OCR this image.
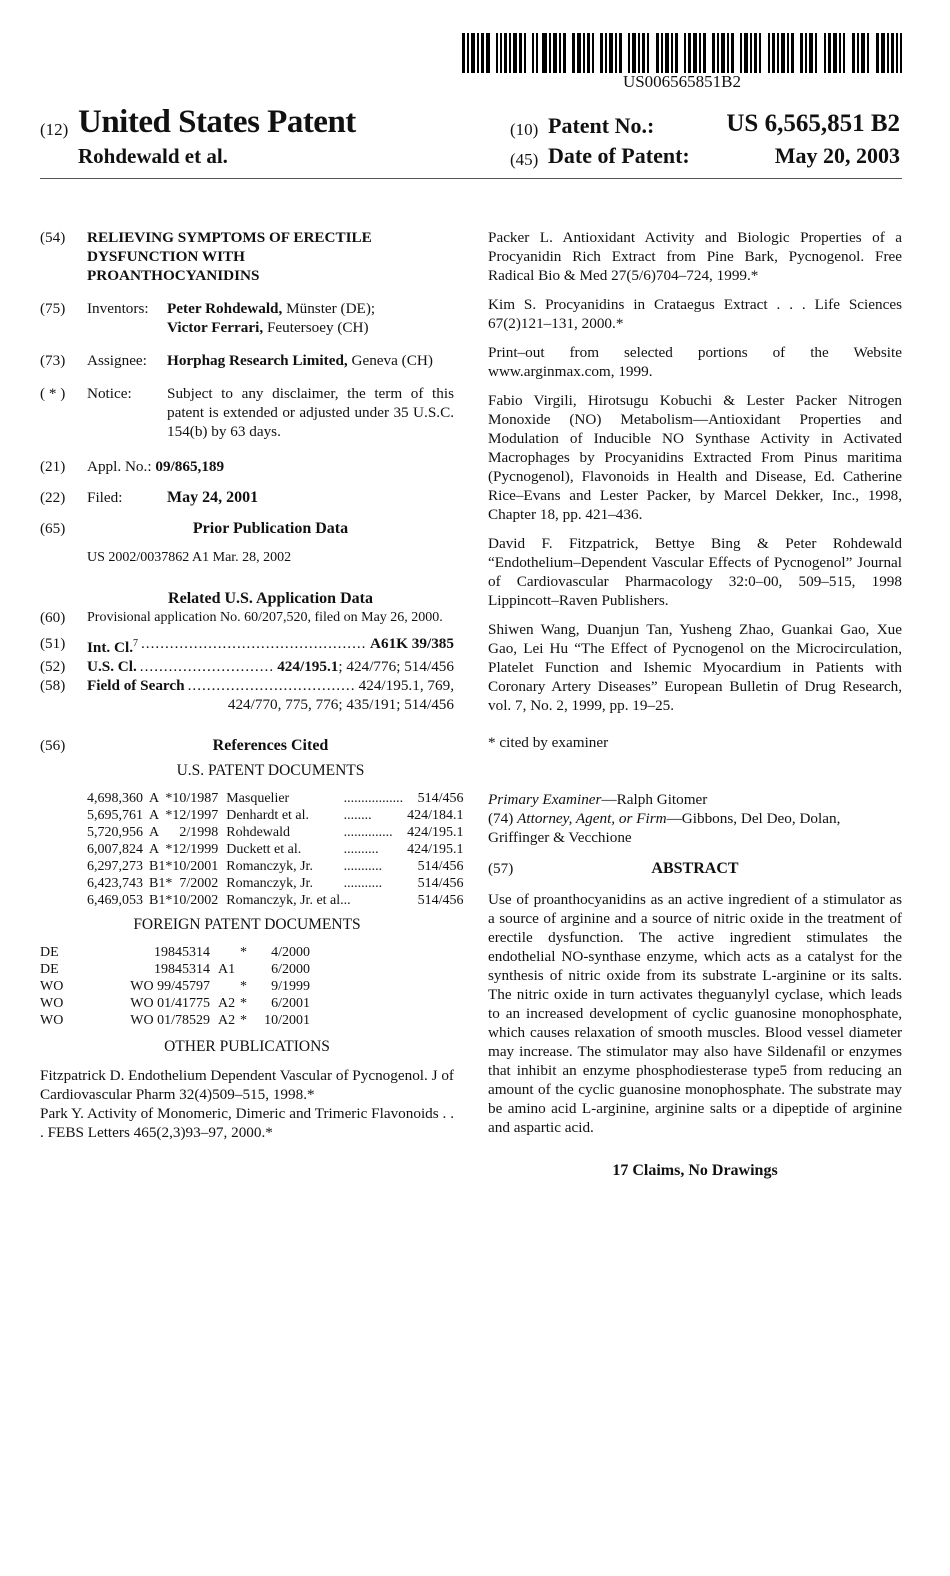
US006565851B2
(12) United States Patent
Rohdewald et al.
(10) Patent No.:	US 6,565,851 B2
(45) Date of Patent:	May 20, 2003
(54)	RELIEVING SYMPTOMS OF ERECTILE
DYSFUNCTION WITH
PROANTHOCYANIDINS
(75)	Inventors:	Peter Rohdewald, Münster (DE);
Victor Ferrari, Feutersoey (CH)
(73)	Assignee:	Horphag Research Limited, Geneva (CH)
( * )	Notice:	Subject to any disclaimer, the term of this patent is extended or adjusted under 35 U.S.C. 154(b) by 63 days.
(21)	Appl. No.:
09/865,189
(22)	Filed:	May 24, 2001
(65)	Prior Publication Data
US 2002/0037862 A1 Mar. 28, 2002
Related U.S. Application Data
(60)	Provisional application No. 60/207,520, filed on May 26, 2000.
(51)	Int. Cl.$^7$ .....	A61K 39/385
(52)	U.S. Cl. .....	424/195.1 ; 424/776; 514/456
(58)	Field of Search .....	424/195.1, 769,
424/770, 775, 776; 435/191; 514/456
(56)	References Cited
U.S. PATENT DOCUMENTS
4,698,360	A	*	10/1987	Masquelier	.................	514/456
5,695,761	A	*	12/1997	Denhardt et al.	........	424/184.1
5,720,956	A		2/1998	Rohdewald	..............	424/195.1
6,007,824	A	*	12/1999	Duckett et al.	..........	424/195.1
6,297,273	B1	*	10/2001	Romanczyk, Jr.	...........	514/456
6,423,743	B1	*	7/2002	Romanczyk, Jr.	...........	514/456
6,469,053	B1	*	10/2002	Romanczyk, Jr. et al.	..	514/456
FOREIGN PATENT DOCUMENTS
DE	19845314		*	4/2000
DE	19845314	A1		6/2000
WO	WO 99/45797		*	9/1999
WO	WO 01/41775	A2	*	6/2001
WO	WO 01/78529	A2	*	10/2001
OTHER PUBLICATIONS
Fitzpatrick D. Endothelium Dependent Vascular of Pycnogenol. J of Cardiovascular Pharm 32(4)509–515, 1998.*
Park Y. Activity of Monomeric, Dimeric and Trimeric Flavonoids . . . FEBS Letters 465(2,3)93–97, 2000.*
Packer L. Antioxidant Activity and Biologic Properties of a Procyanidin Rich Extract from Pine Bark, Pycnogenol. Free Radical Bio & Med 27(5/6)704–724, 1999.*
Kim S. Procyanidins in Crataegus Extract . . . Life Sciences 67(2)121–131, 2000.*
Print–out from selected portions of the Website www.arginmax.com, 1999.
Fabio Virgili, Hirotsugu Kobuchi & Lester Packer Nitrogen Monoxide (NO) Metabolism—Antioxidant Properties and Modulation of Inducible NO Synthase Activity in Activated Macrophages by Procyanidins Extracted From Pinus maritima (Pycnogenol), Flavonoids in Health and Disease, Ed. Catherine Rice–Evans and Lester Packer, by Marcel Dekker, Inc., 1998, Chapter 18, pp. 421–436.
David F. Fitzpatrick, Bettye Bing & Peter Rohdewald “Endothelium–Dependent Vascular Effects of Pycnogenol” Journal of Cardiovascular Pharmacology 32:0–00, 509–515, 1998 Lippincott–Raven Publishers.
Shiwen Wang, Duanjun Tan, Yusheng Zhao, Guankai Gao, Xue Gao, Lei Hu “The Effect of Pycnogenol on the Microcirculation, Platelet Function and Ishemic Myocardium in Patients with Coronary Artery Diseases” European Bulletin of Drug Research, vol. 7, No. 2, 1999, pp. 19–25.
* cited by examiner
Primary Examiner—Ralph Gitomer
(74) Attorney, Agent, or Firm—Gibbons, Del Deo, Dolan, Griffinger & Vecchione
(57)	ABSTRACT
Use of proanthocyanidins as an active ingredient of a stimulator as a source of arginine and a source of nitric oxide in the treatment of erectile dysfunction. The active ingredient stimulates the endothelial NO-synthase enzyme, which acts as a catalyst for the synthesis of nitric oxide from its substrate L-arginine or its salts. The nitric oxide in turn activates theguanylyl cyclase, which leads to an increased development of cyclic guanosine monophosphate, which causes relaxation of smooth muscles. Blood vessel diameter may increase. The stimulator may also have Sildenafil or enzymes that inhibit an enzyme phosphodiesterase type5 from reducing an amount of the cyclic guanosine monophosphate. The substrate may be amino acid L-arginine, arginine salts or a dipeptide of arginine and aspartic acid.
17 Claims, No Drawings
